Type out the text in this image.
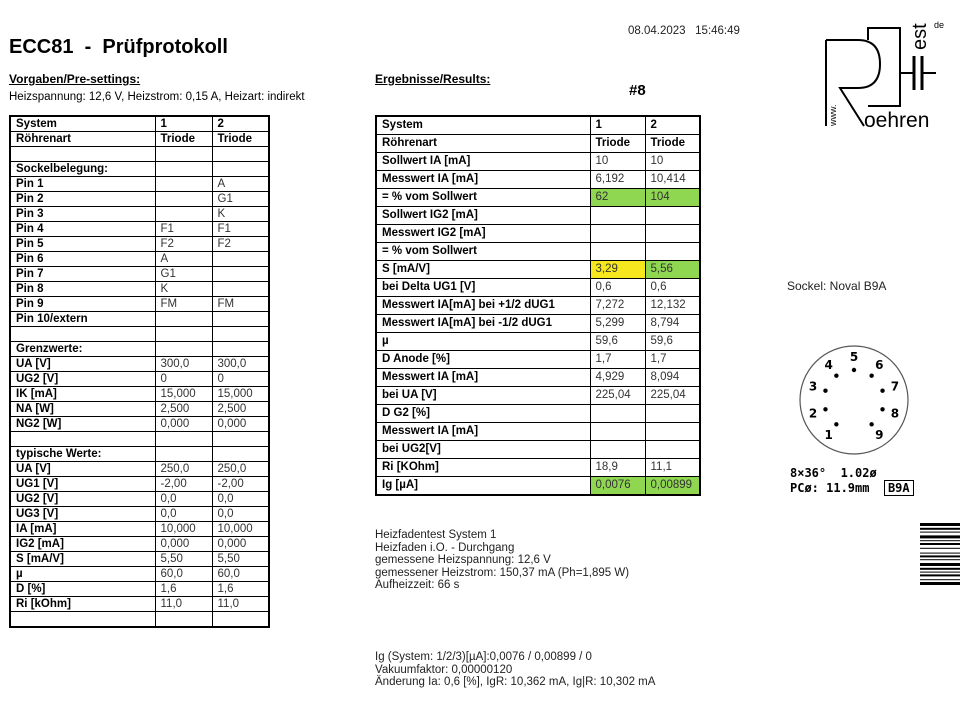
ECC81  -  Prüfprotokoll
08.04.2023 15:46:49
Vorgaben/Pre-settings:
Heizspannung: 12,6 V, Heizstrom: 0,15 A, Heizart: indirekt
Ergebnisse/Results:
#8
System	1	2
Röhrenart	Triode	Triode

Sockelbelegung:		
Pin 1		A
Pin 2		G1
Pin 3		K
Pin 4	F1	F1
Pin 5	F2	F2
Pin 6	A	
Pin 7	G1	
Pin 8	K	
Pin 9	FM	FM
Pin 10/extern		

Grenzwerte:		
UA [V]	300,0	300,0
UG2 [V]	0	0
IK [mA]	15,000	15,000
NA [W]	2,500	2,500
NG2 [W]	0,000	0,000

typische Werte:		
UA [V]	250,0	250,0
UG1 [V]	-2,00	-2,00
UG2 [V]	0,0	0,0
UG3 [V]	0,0	0,0
IA [mA]	10,000	10,000
IG2 [mA]	0,000	0,000
S [mA/V]	5,50	5,50
µ	60,0	60,0
D [%]	1,6	1,6
Ri [kOhm]	11,0	11,0

System	1	2
Röhrenart	Triode	Triode
Sollwert IA [mA]	10	10
Messwert IA [mA]	6,192	10,414
= % vom Sollwert	62	104
Sollwert IG2 [mA]		
Messwert IG2 [mA]		
= % vom Sollwert		
S [mA/V]	3,29	5,56
bei Delta UG1 [V]	0,6	0,6
Messwert IA[mA] bei +1/2 dUG1	7,272	12,132
Messwert IA[mA] bei -1/2 dUG1	5,299	8,794
µ	59,6	59,6
D Anode [%]	1,7	1,7
Messwert IA [mA]	4,929	8,094
bei UA [V]	225,04	225,04
D G2 [%]		
Messwert IA [mA]		
bei UG2[V]		
Ri [KOhm]	18,9	11,1
Ig [µA]	0,0076	0,00899
est de
www. oehren
Sockel: Noval B9A
1
2
3
4
5
6
7
8
9
8×36°  1.02ø
PCø: 11.9mm B9A
Heizfadentest System 1
Heizfaden i.O. - Durchgang
gemessene Heizspannung: 12,6 V
gemessener Heizstrom: 150,37 mA (Ph=1,895 W)
Aufheizzeit: 66 s
Ig (System: 1/2/3)[µA]:0,0076 / 0,00899 / 0
Vakuumfaktor: 0,00000120
Änderung Ia: 0,6 [%], IgR: 10,362 mA, Ig|R: 10,302 mA
